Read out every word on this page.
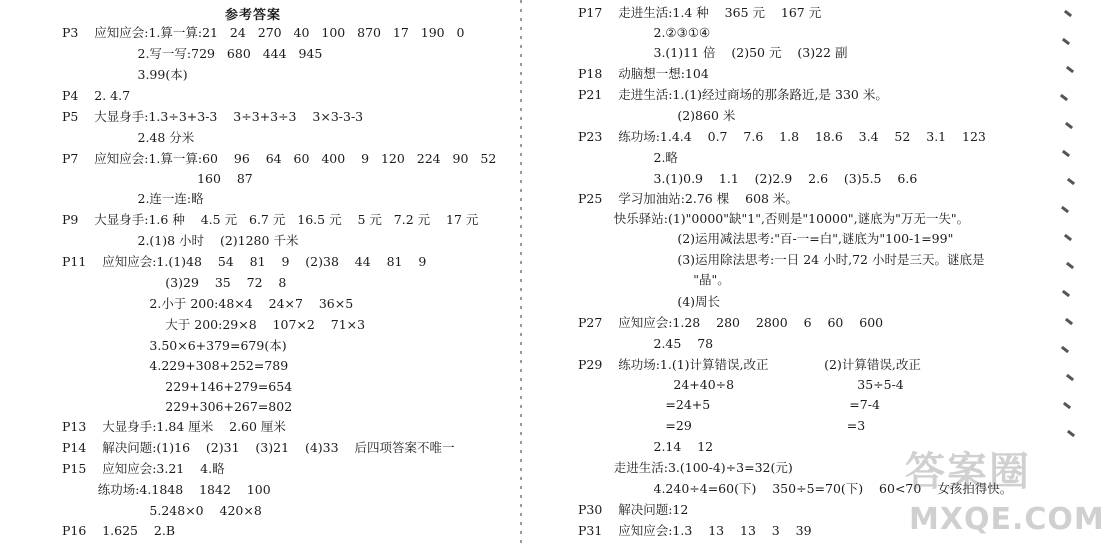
参考答案
P3    应知应会:1.算一算:21   24   270   40   100   870   17   190   0
2.写一写:729   680   444   945
3.99(本)
P4    2. 4.7
P5    大显身手:1.3÷3+3-3    3÷3+3÷3    3×3-3-3
2.48 分米
P7    应知应会:1.算一算:60    96    64   60   400    9   120   224   90   52
160    87
2.连一连:略
P9    大显身手:1.6 种    4.5 元   6.7 元   16.5 元    5 元   7.2 元    17 元
2.(1)8 小时    (2)1280 千米
P11    应知应会:1.(1)48    54    81    9    (2)38    44    81    9
(3)29    35    72    8
2.小于 200:48×4    24×7    36×5
大于 200:29×8    107×2    71×3
3.50×6+379=679(本)
4.229+308+252=789
229+146+279=654
229+306+267=802
P13    大显身手:1.84 厘米    2.60 厘米
P14    解决问题:(1)16    (2)31    (3)21    (4)33    后四项答案不唯一
P15    应知应会:3.21    4.略
练功场:4.1848    1842    100
5.248×0    420×8
P16    1.625    2.B
P17    走进生活:1.4 种    365 元    167 元
2.②③①④
3.(1)11 倍    (2)50 元    (3)22 副
P18    动脑想一想:104
P21    走进生活:1.(1)经过商场的那条路近,是 330 米。
(2)860 米
P23    练功场:1.4.4    0.7    7.6    1.8    18.6    3.4    52    3.1    123
2.略
3.(1)0.9    1.1    (2)2.9    2.6    (3)5.5    6.6
P25    学习加油站:2.76 棵    608 米。
快乐驿站:(1)"0000"缺"1",否则是"10000",谜底为"万无一失"。
(2)运用减法思考:"百-一=白",谜底为"100-1=99"
(3)运用除法思考:一日 24 小时,72 小时是三天。谜底是
"晶"。
(4)周长
P27    应知应会:1.28    280    2800    6    60    600
2.45    78
P29    练功场:1.(1)计算错误,改正              (2)计算错误,改正
24+40÷8                               35÷5-4
=24+5                                   =7-4
=29                                       =3
2.14    12
走进生活:3.(100-4)÷3=32(元)
4.240÷4=60(下)    350÷5=70(下)    60<70    女孩拍得快。
P30    解决问题:12
P31    应知应会:1.3    13    13    3    39
答案圈
MXQE.COM
